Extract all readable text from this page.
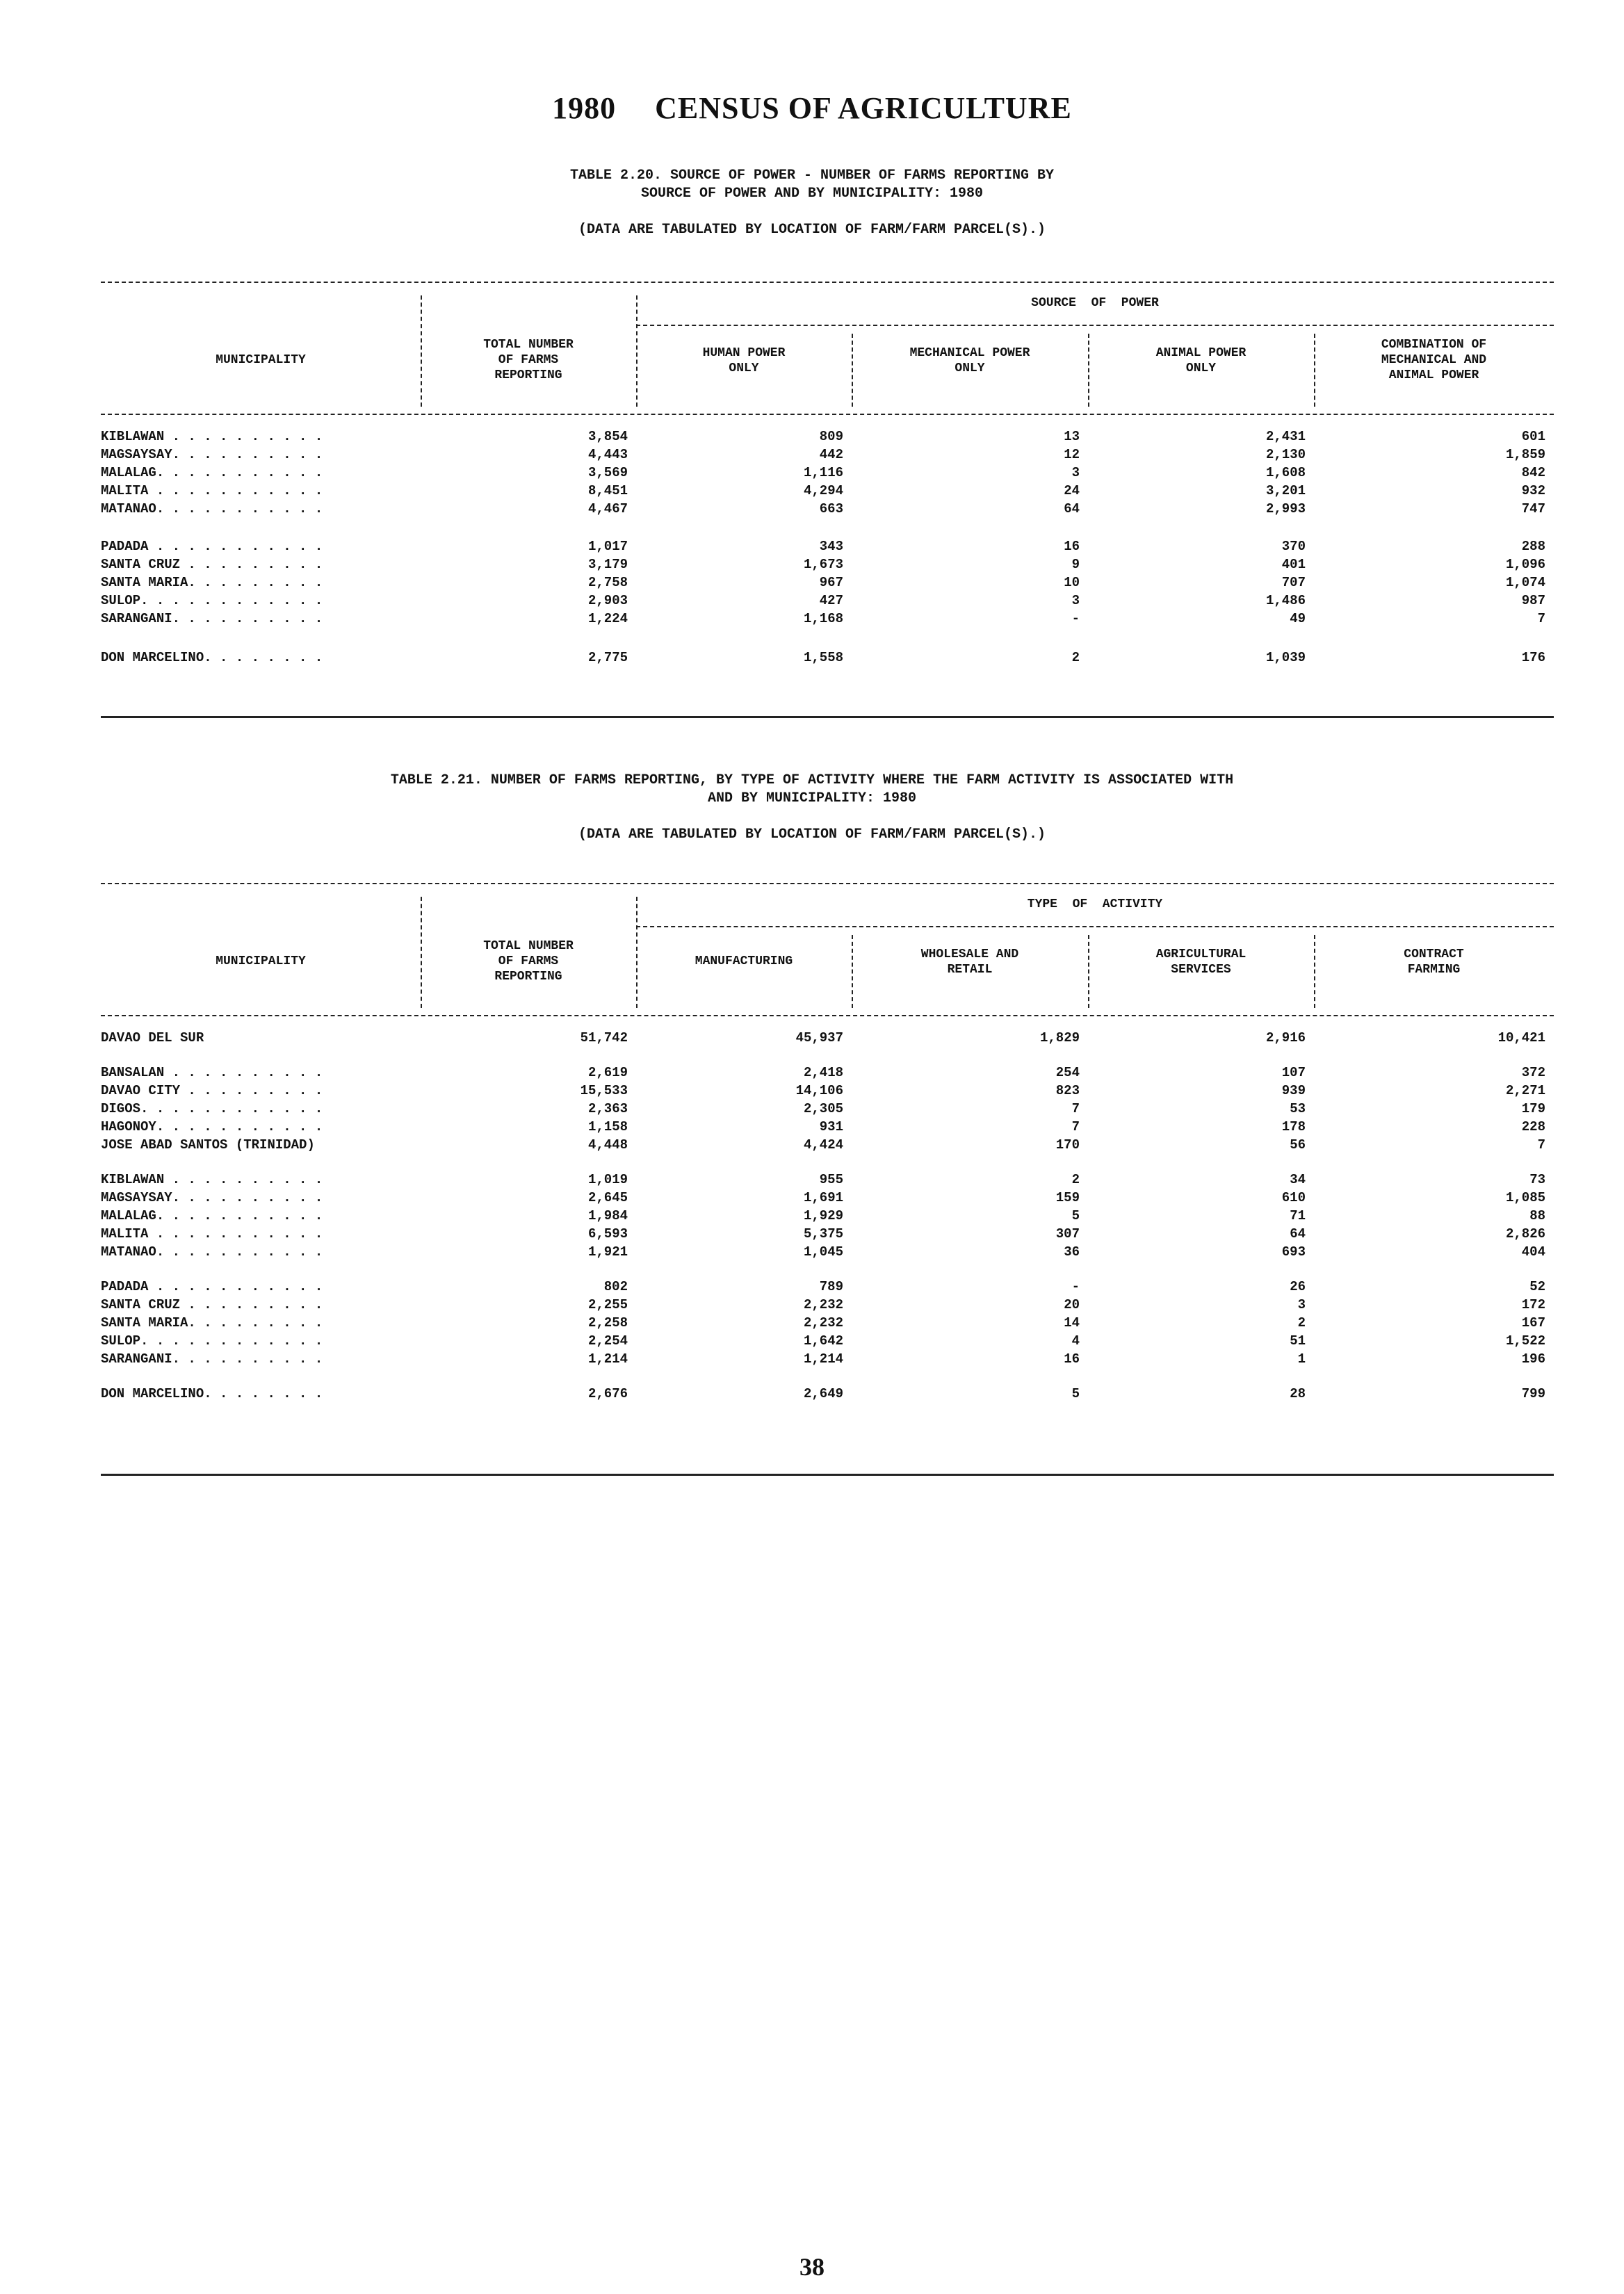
1980 CENSUS OF AGRICULTURE
TABLE 2.20. SOURCE OF POWER - NUMBER OF FARMS REPORTING BY
SOURCE OF POWER AND BY MUNICIPALITY: 1980
(DATA ARE TABULATED BY LOCATION OF FARM/FARM PARCEL(S).)
SOURCE  OF  POWER
MUNICIPALITY
TOTAL NUMBER
OF FARMS
REPORTING
HUMAN POWER
ONLY
MECHANICAL POWER
ONLY
ANIMAL POWER
ONLY
COMBINATION OF
MECHANICAL AND
ANIMAL POWER
KIBLAWAN . . . . . . . . . .	3,854	809	13	2,431	601
MAGSAYSAY. . . . . . . . . .	4,443	442	12	2,130	1,859
MALALAG. . . . . . . . . . .	3,569	1,116	3	1,608	842
MALITA . . . . . . . . . . .	8,451	4,294	24	3,201	932
MATANAO. . . . . . . . . . .	4,467	663	64	2,993	747
PADADA . . . . . . . . . . .	1,017	343	16	370	288
SANTA CRUZ . . . . . . . . .	3,179	1,673	9	401	1,096
SANTA MARIA. . . . . . . . .	2,758	967	10	707	1,074
SULOP. . . . . . . . . . . .	2,903	427	3	1,486	987
SARANGANI. . . . . . . . . .	1,224	1,168	-	49	7
DON MARCELINO. . . . . . . .	2,775	1,558	2	1,039	176
TABLE 2.21. NUMBER OF FARMS REPORTING, BY TYPE OF ACTIVITY WHERE THE FARM ACTIVITY IS ASSOCIATED WITH
AND BY MUNICIPALITY: 1980
(DATA ARE TABULATED BY LOCATION OF FARM/FARM PARCEL(S).)
TYPE  OF  ACTIVITY
MUNICIPALITY
TOTAL NUMBER
OF FARMS
REPORTING
MANUFACTURING	WHOLESALE AND
RETAIL
AGRICULTURAL
SERVICES
CONTRACT
FARMING
DAVAO DEL SUR	51,742	45,937	1,829	2,916	10,421
BANSALAN . . . . . . . . . .	2,619	2,418	254	107	372
DAVAO CITY . . . . . . . . .	15,533	14,106	823	939	2,271
DIGOS. . . . . . . . . . . .	2,363	2,305	7	53	179
HAGONOY. . . . . . . . . . .	1,158	931	7	178	228
JOSE ABAD SANTOS (TRINIDAD)	4,448	4,424	170	56	7
KIBLAWAN . . . . . . . . . .	1,019	955	2	34	73
MAGSAYSAY. . . . . . . . . .	2,645	1,691	159	610	1,085
MALALAG. . . . . . . . . . .	1,984	1,929	5	71	88
MALITA . . . . . . . . . . .	6,593	5,375	307	64	2,826
MATANAO. . . . . . . . . . .	1,921	1,045	36	693	404
PADADA . . . . . . . . . . .	802	789	-	26	52
SANTA CRUZ . . . . . . . . .	2,255	2,232	20	3	172
SANTA MARIA. . . . . . . . .	2,258	2,232	14	2	167
SULOP. . . . . . . . . . . .	2,254	1,642	4	51	1,522
SARANGANI. . . . . . . . . .	1,214	1,214	16	1	196
DON MARCELINO. . . . . . . .	2,676	2,649	5	28	799
38
